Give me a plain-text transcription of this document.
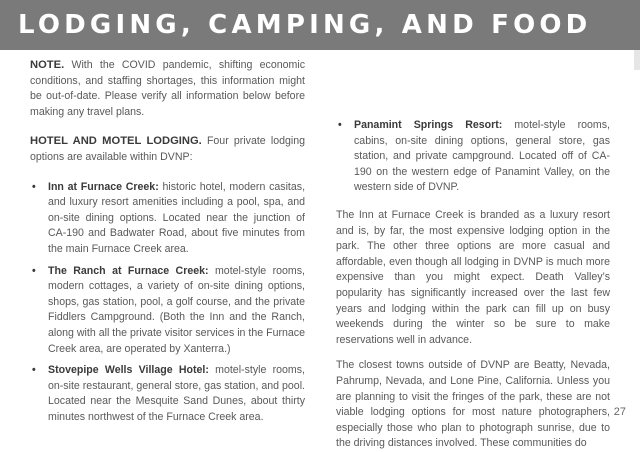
LODGING, CAMPING, AND FOOD

NOTE. With the COVID pandemic, shifting economic conditions, and staffing shortages, this information might be out-of-date. Please verify all information below before making any travel plans.

HOTEL AND MOTEL LODGING. Four private lodging options are available within DVNP:

• Inn at Furnace Creek: historic hotel, modern casitas, and luxury resort amenities including a pool, spa, and on-site dining options. Located near the junction of CA-190 and Badwater Road, about five minutes from the main Furnace Creek area.
• The Ranch at Furnace Creek: motel-style rooms, modern cottages, a variety of on-site dining options, shops, gas station, pool, a golf course, and the private Fiddlers Campground. (Both the Inn and the Ranch, along with all the private visitor services in the Furnace Creek area, are operated by Xanterra.)
• Stovepipe Wells Village Hotel: motel-style rooms, on-site restaurant, general store, gas station, and pool. Located near the Mesquite Sand Dunes, about thirty minutes northwest of the Furnace Creek area.

• Panamint Springs Resort: motel-style rooms, cabins, on-site dining options, general store, gas station, and private campground. Located off of CA-190 on the western edge of Panamint Valley, on the western side of DVNP.

The Inn at Furnace Creek is branded as a luxury resort and is, by far, the most expensive lodging option in the park. The other three options are more casual and affordable, even though all lodging in DVNP is much more expensive than you might expect. Death Valley’s popularity has significantly increased over the last few years and lodging within the park can fill up on busy weekends during the winter so be sure to make reservations well in advance.

The closest towns outside of DVNP are Beatty, Nevada, Pahrump, Nevada, and Lone Pine, California. Unless you are planning to visit the fringes of the park, these are not viable lodging options for most nature photographers, especially those who plan to photograph sunrise, due to the driving distances involved. These communities do

27
